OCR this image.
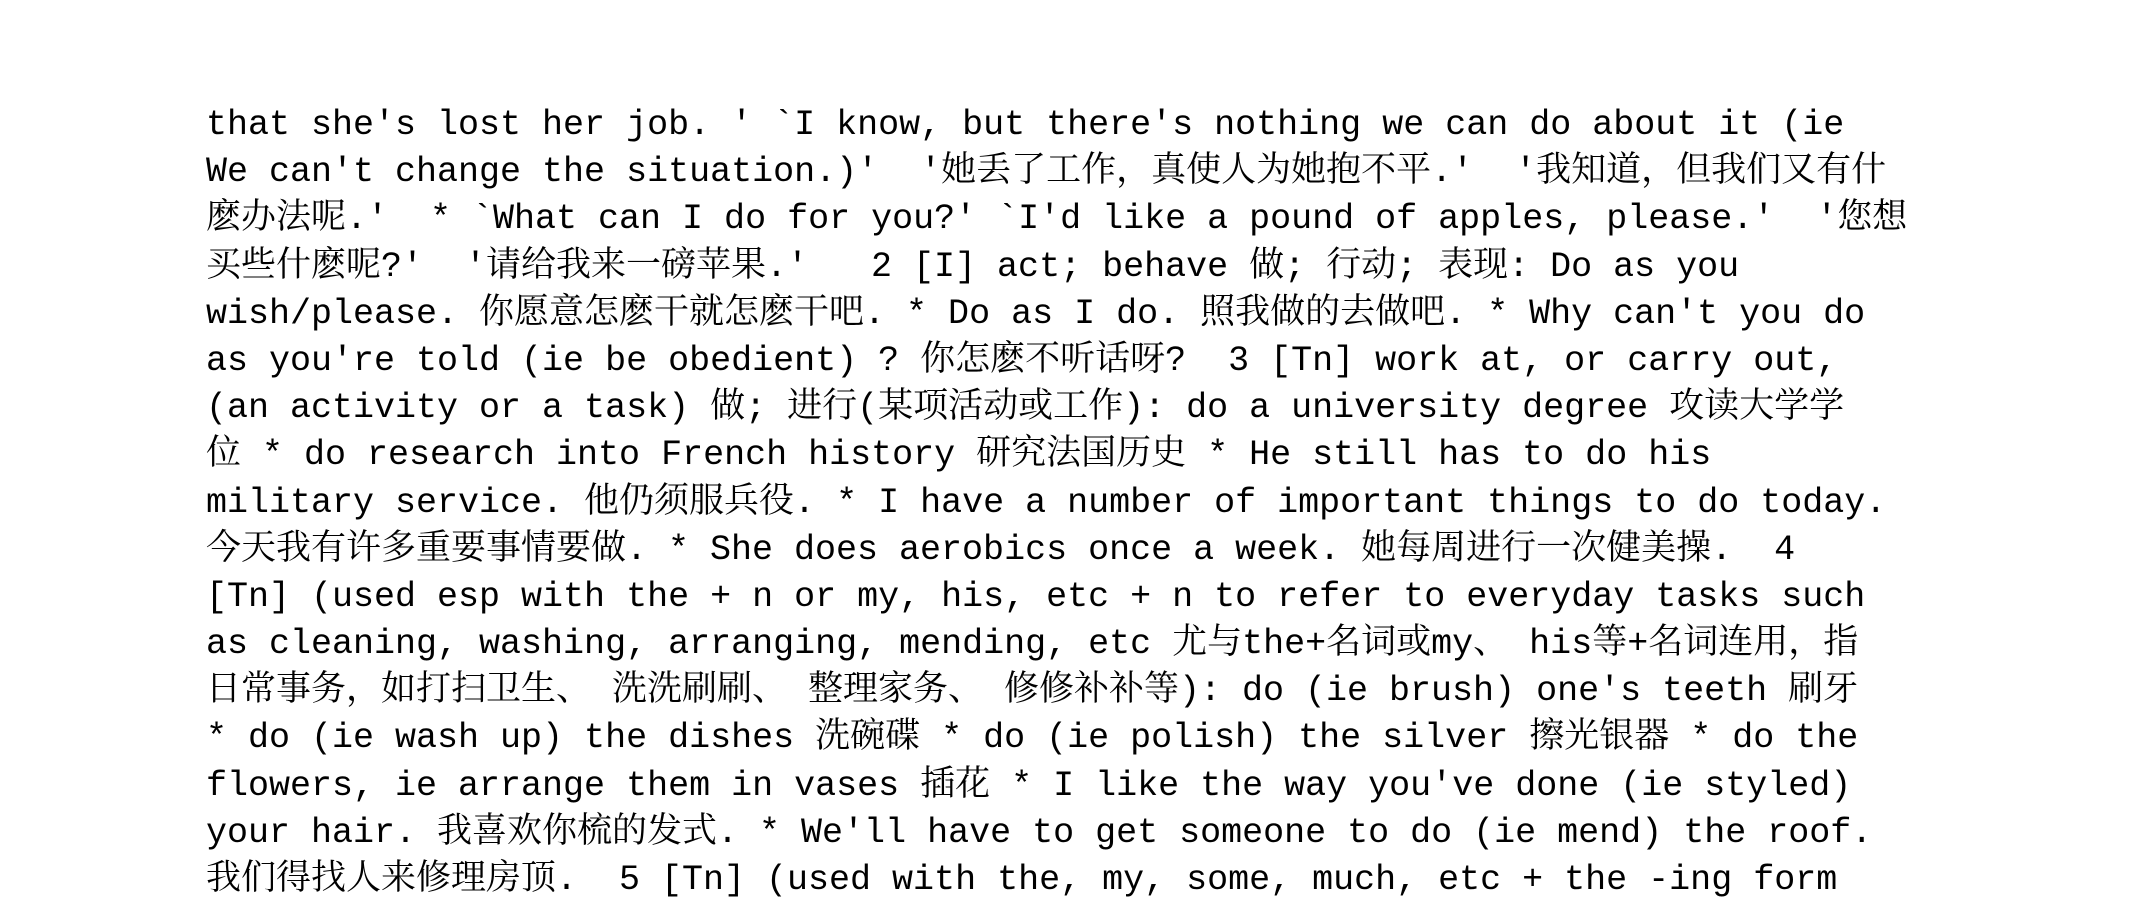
that she's lost her job. ' `I know, but there's nothing we can do about it (ie
We can't change the situation.)'  '她丢了工作，真使人为她抱不平.'  '我知道，但我们又有什
麽办法呢.'  * `What can I do for you?' `I'd like a pound of apples, please.'  '您想
买些什麽呢?'  '请给我来一磅苹果.'   2 [I] act; behave 做; 行动; 表现: Do as you
wish/please. 你愿意怎麽干就怎麽干吧. * Do as I do. 照我做的去做吧. * Why can't you do
as you're told (ie be obedient) ? 你怎麽不听话呀?  3 [Tn] work at, or carry out,
(an activity or a task) 做; 进行(某项活动或工作): do a university degree 攻读大学学
位 * do research into French history 研究法国历史 * He still has to do his
military service. 他仍须服兵役. * I have a number of important things to do today.
今天我有许多重要事情要做. * She does aerobics once a week. 她每周进行一次健美操.  4
[Tn] (used esp with the + n or my, his, etc + n to refer to everyday tasks such
as cleaning, washing, arranging, mending, etc 尤与the+名词或my、 his等+名词连用，指
日常事务，如打扫卫生、 洗洗刷刷、 整理家务、 修修补补等): do (ie brush) one's teeth 刷牙
* do (ie wash up) the dishes 洗碗碟 * do (ie polish) the silver 擦光银器 * do the
flowers, ie arrange them in vases 插花 * I like the way you've done (ie styled)
your hair. 我喜欢你梳的发式. * We'll have to get someone to do (ie mend) the roof.
我们得找人来修理房顶.  5 [Tn] (used with the, my, some, much, etc + the -ing form
